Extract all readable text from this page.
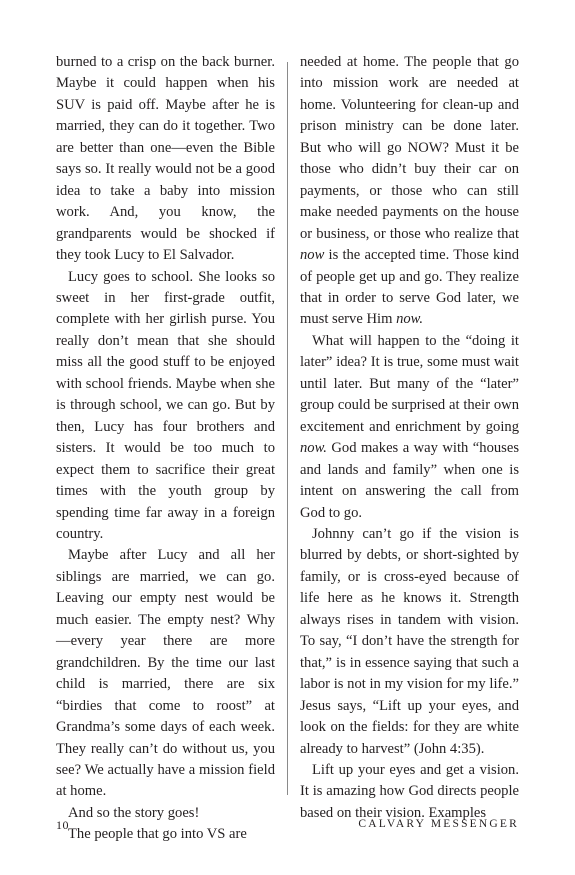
burned to a crisp on the back burner. Maybe it could happen when his SUV is paid off. Maybe after he is married, they can do it together. Two are better than one—even the Bible says so. It really would not be a good idea to take a baby into mission work. And, you know, the grandparents would be shocked if they took Lucy to El Salvador.

Lucy goes to school. She looks so sweet in her first-grade outfit, complete with her girlish purse. You really don’t mean that she should miss all the good stuff to be enjoyed with school friends. Maybe when she is through school, we can go. But by then, Lucy has four brothers and sisters. It would be too much to expect them to sacrifice their great times with the youth group by spending time far away in a foreign country.

Maybe after Lucy and all her siblings are married, we can go. Leaving our empty nest would be much easier. The empty nest? Why—every year there are more grandchildren. By the time our last child is married, there are six “birdies that come to roost” at Grandma’s some days of each week. They really can’t do without us, you see? We actually have a mission field at home.

And so the story goes!

The people that go into VS are

needed at home. The people that go into mission work are needed at home. Volunteering for clean-up and prison ministry can be done later. But who will go NOW? Must it be those who didn’t buy their car on payments, or those who can still make needed payments on the house or business, or those who realize that now is the accepted time. Those kind of people get up and go. They realize that in order to serve God later, we must serve Him now.

What will happen to the “doing it later” idea? It is true, some must wait until later. But many of the “later” group could be surprised at their own excitement and enrichment by going now. God makes a way with “houses and lands and family” when one is intent on answering the call from God to go.

Johnny can’t go if the vision is blurred by debts, or short-sighted by family, or is cross-eyed because of life here as he knows it. Strength always rises in tandem with vision. To say, “I don’t have the strength for that,” is in essence saying that such a labor is not in my vision for my life.” Jesus says, “Lift up your eyes, and look on the fields: for they are white already to harvest” (John 4:35).

Lift up your eyes and get a vision. It is amazing how God directs people based on their vision. Examples

10	CALVARY MESSENGER
